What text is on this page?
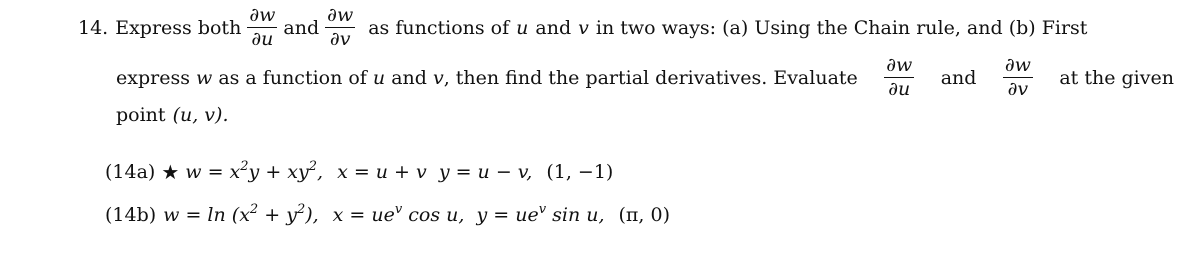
14. Express both $\frac{\partial w}{\partial u}$ and $\frac{\partial w}{\partial v}$ as functions of u and v in two ways: (a) Using the Chain rule, and (b) First
express w as a function of u and v, then find the partial derivatives. Evaluate $\frac{\partial w}{\partial u}$ and $\frac{\partial w}{\partial v}$ at the given
point (u, v).
(14a) ★ $w = x^2y + xy^2$, x = u + v  y = u − v, (1, −1)
(14b) $w = \ln (x^2 + y^2)$, $x = ue^v$ cos u,  $y = ue^v$ sin u, (π, 0)
